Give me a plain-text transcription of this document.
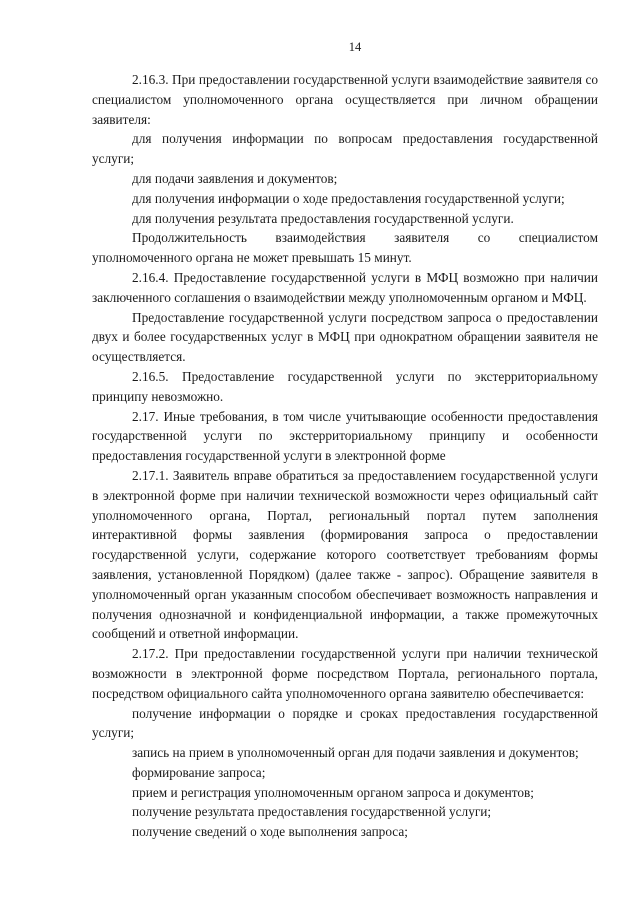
14

2.16.3. При предоставлении государственной услуги взаимодействие заявителя со специалистом уполномоченного органа осуществляется при личном обращении заявителя:

для получения информации по вопросам предоставления государственной услуги;

для подачи заявления и документов;

для получения информации о ходе предоставления государственной услуги;

для получения результата предоставления государственной услуги.

Продолжительность взаимодействия заявителя со специалистом уполномоченного органа не может превышать 15 минут.

2.16.4. Предоставление государственной услуги в МФЦ возможно при наличии заключенного соглашения о взаимодействии между уполномоченным органом и МФЦ.

Предоставление государственной услуги посредством запроса о предоставлении двух и более государственных услуг в МФЦ при однократном обращении заявителя не осуществляется.

2.16.5. Предоставление государственной услуги по экстерриториальному принципу невозможно.

2.17. Иные требования, в том числе учитывающие особенности предоставления государственной услуги по экстерриториальному принципу и особенности предоставления государственной услуги в электронной форме

2.17.1. Заявитель вправе обратиться за предоставлением государственной услуги в электронной форме при наличии технической возможности через официальный сайт уполномоченного органа, Портал, региональный портал путем заполнения интерактивной формы заявления (формирования запроса о предоставлении государственной услуги, содержание которого соответствует требованиям формы заявления, установленной Порядком) (далее также - запрос). Обращение заявителя в уполномоченный орган указанным способом обеспечивает возможность направления и получения однозначной и конфиденциальной информации, а также промежуточных сообщений и ответной информации.

2.17.2. При предоставлении государственной услуги при наличии технической возможности в электронной форме посредством Портала, регионального портала, посредством официального сайта уполномоченного органа заявителю обеспечивается:

получение информации о порядке и сроках предоставления государственной услуги;

запись на прием в уполномоченный орган для подачи заявления и документов;

формирование запроса;

прием и регистрация уполномоченным органом запроса и документов;

получение результата предоставления государственной услуги;

получение сведений о ходе выполнения запроса;
